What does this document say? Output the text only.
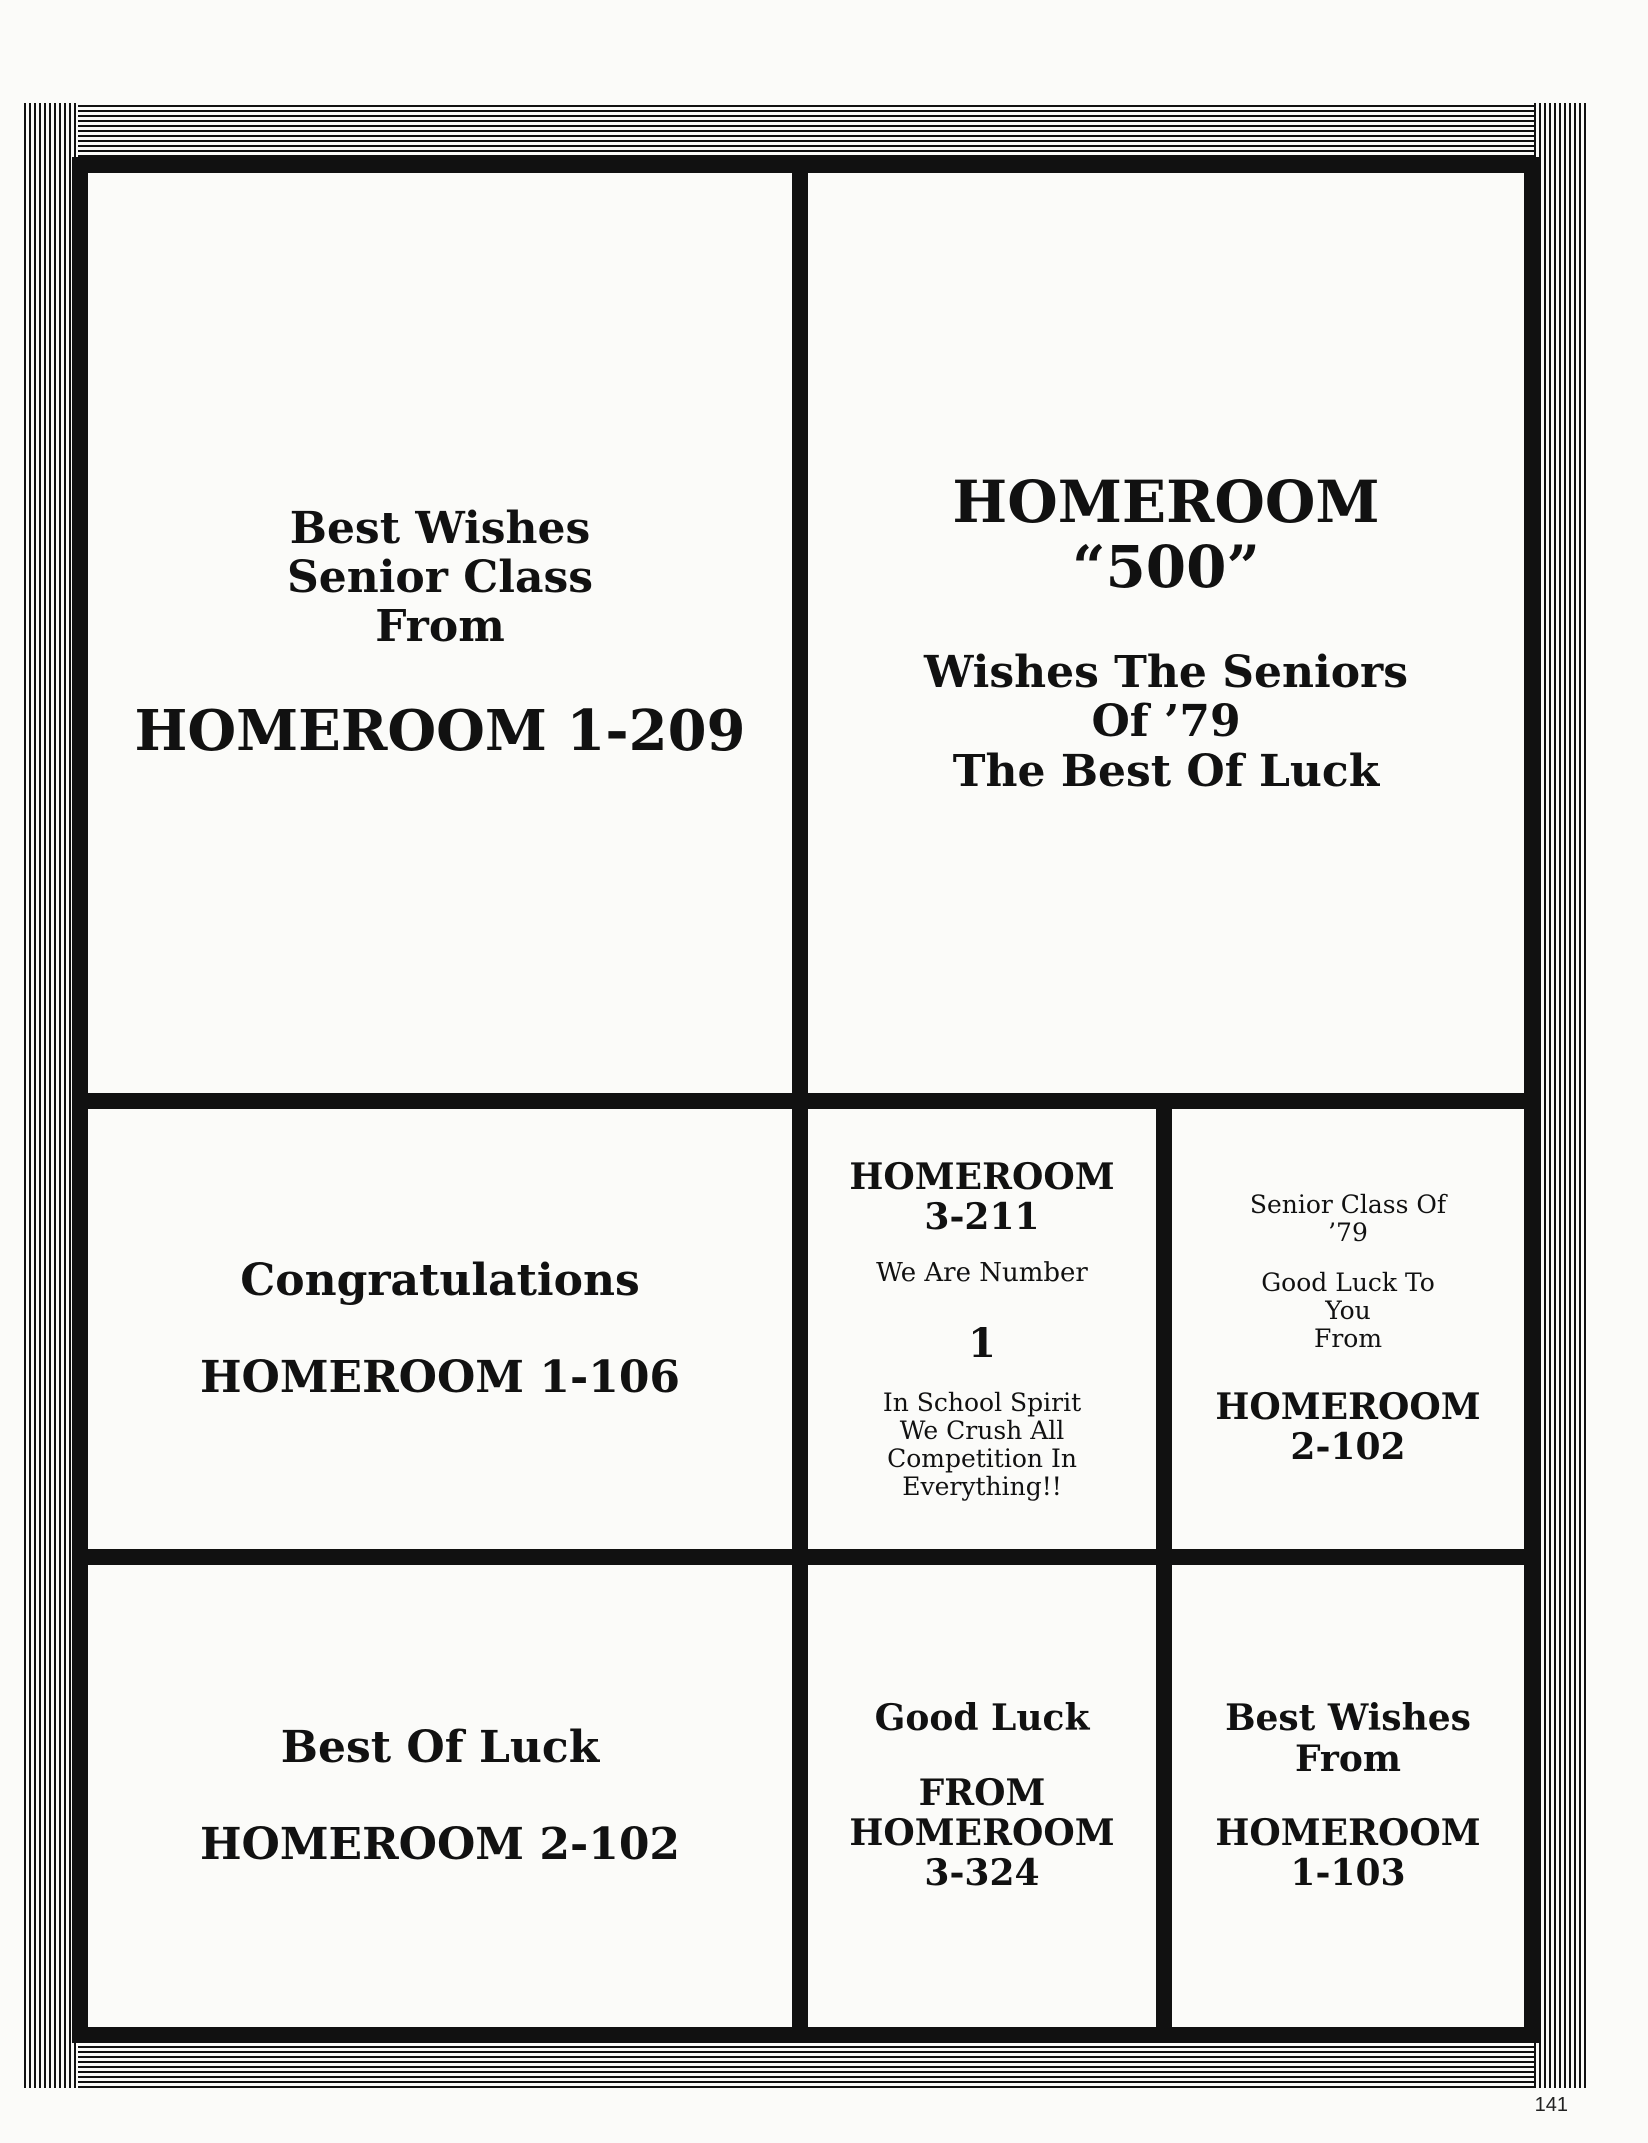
Best Wishes

Senior Class

From

HOMEROOM 1-209

HOMEROOM

“500”

Wishes The Seniors

Of ’79

The Best Of Luck

Congratulations

HOMEROOM 1-106

HOMEROOM

3-211

We Are Number

1

In School Spirit

We Crush All

Competition In

Everything!!

Senior Class Of

’79

Good Luck To

You

From

HOMEROOM

2-102

Best Of Luck

HOMEROOM 2-102

Good Luck

FROM

HOMEROOM

3-324

Best Wishes

From

HOMEROOM

1-103

141
